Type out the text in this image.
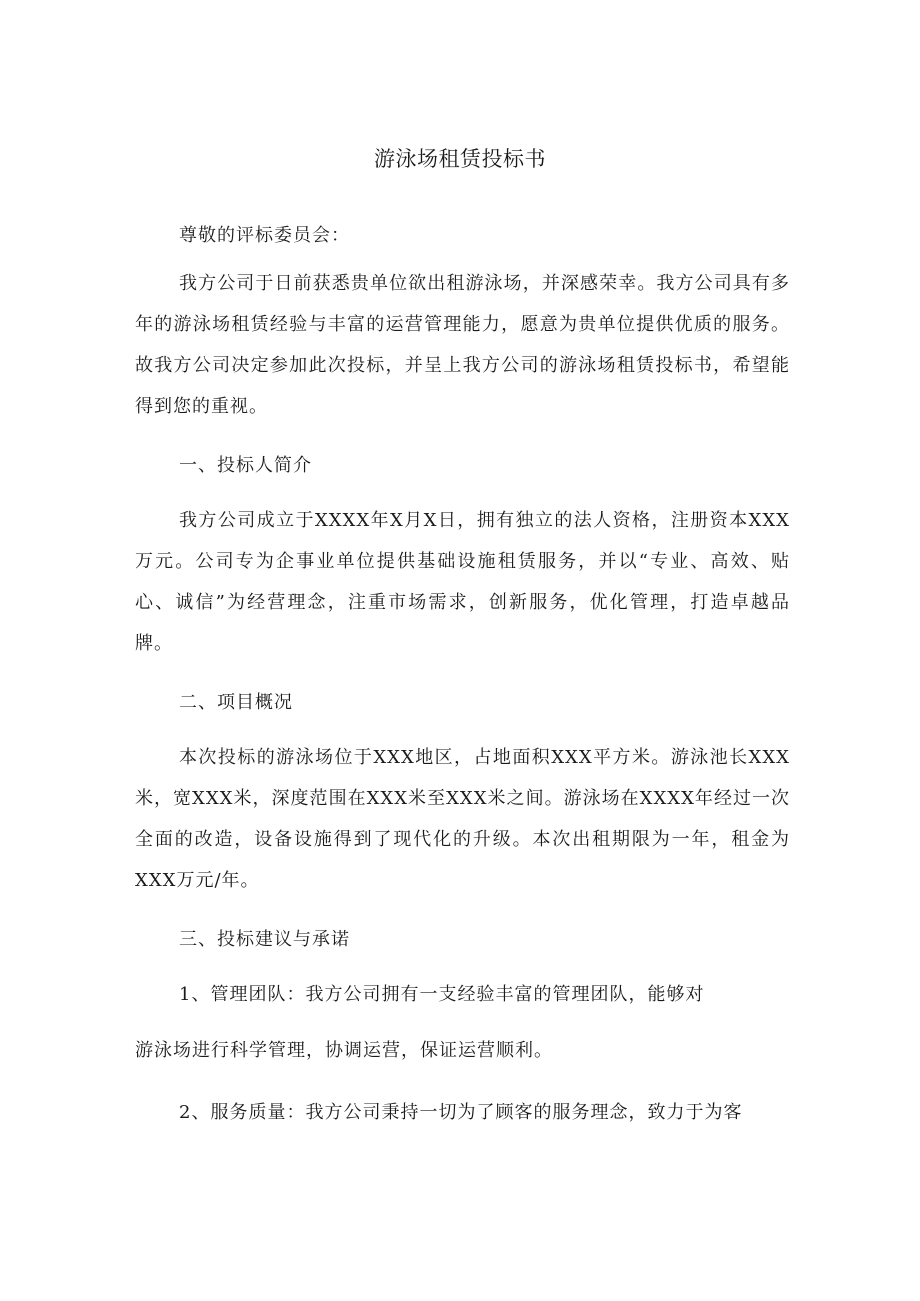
游泳场租赁投标书

尊敬的评标委员会：

我方公司于日前获悉贵单位欲出租游泳场，并深感荣幸。我方公司具有多年的游泳场租赁经验与丰富的运营管理能力，愿意为贵单位提供优质的服务。故我方公司决定参加此次投标，并呈上我方公司的游泳场租赁投标书，希望能得到您的重视。

一、投标人简介

我方公司成立于XXXX年X月X日，拥有独立的法人资格，注册资本XXX万元。公司专为企事业单位提供基础设施租赁服务，并以“专业、高效、贴心、诚信”为经营理念，注重市场需求，创新服务，优化管理，打造卓越品牌。

二、项目概况

本次投标的游泳场位于XXX地区，占地面积XXX平方米。游泳池长XXX米，宽XXX米，深度范围在XXX米至XXX米之间。游泳场在XXXX年经过一次全面的改造，设备设施得到了现代化的升级。本次出租期限为一年，租金为XXX万元/年。

三、投标建议与承诺

1、管理团队：我方公司拥有一支经验丰富的管理团队，能够对

游泳场进行科学管理，协调运营，保证运营顺利。

2、服务质量：我方公司秉持一切为了顾客的服务理念，致力于为客
